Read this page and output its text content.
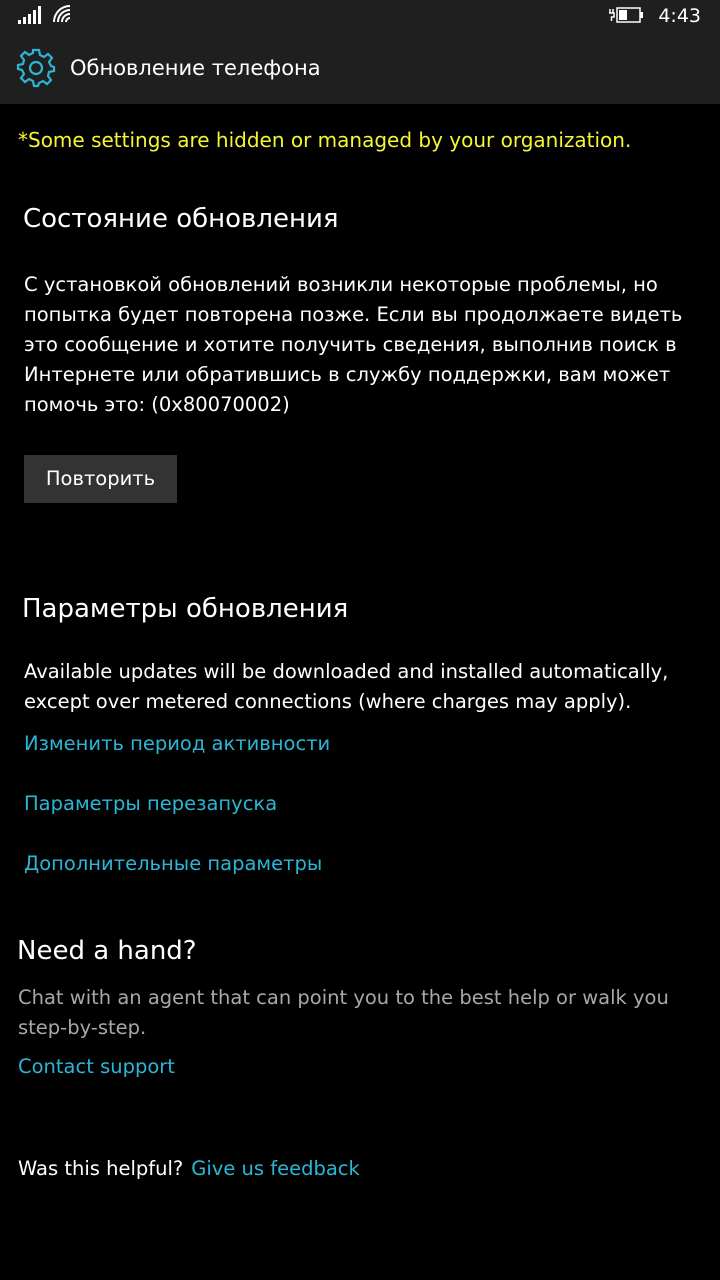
4:43
Обновление телефона
*Some settings are hidden or managed by your organization.
Состояние обновления
С установкой обновлений возникли некоторые проблемы, но
попытка будет повторена позже. Если вы продолжаете видеть
это сообщение и хотите получить сведения, выполнив поиск в
Интернете или обратившись в службу поддержки, вам может
помочь это: (0x80070002)
Повторить
Параметры обновления
Available updates will be downloaded and installed automatically,
except over metered connections (where charges may apply).
Изменить период активности
Параметры перезапуска
Дополнительные параметры
Need a hand?
Chat with an agent that can point you to the best help or walk you
step-by-step.
Contact support
Was this helpful? Give us feedback
